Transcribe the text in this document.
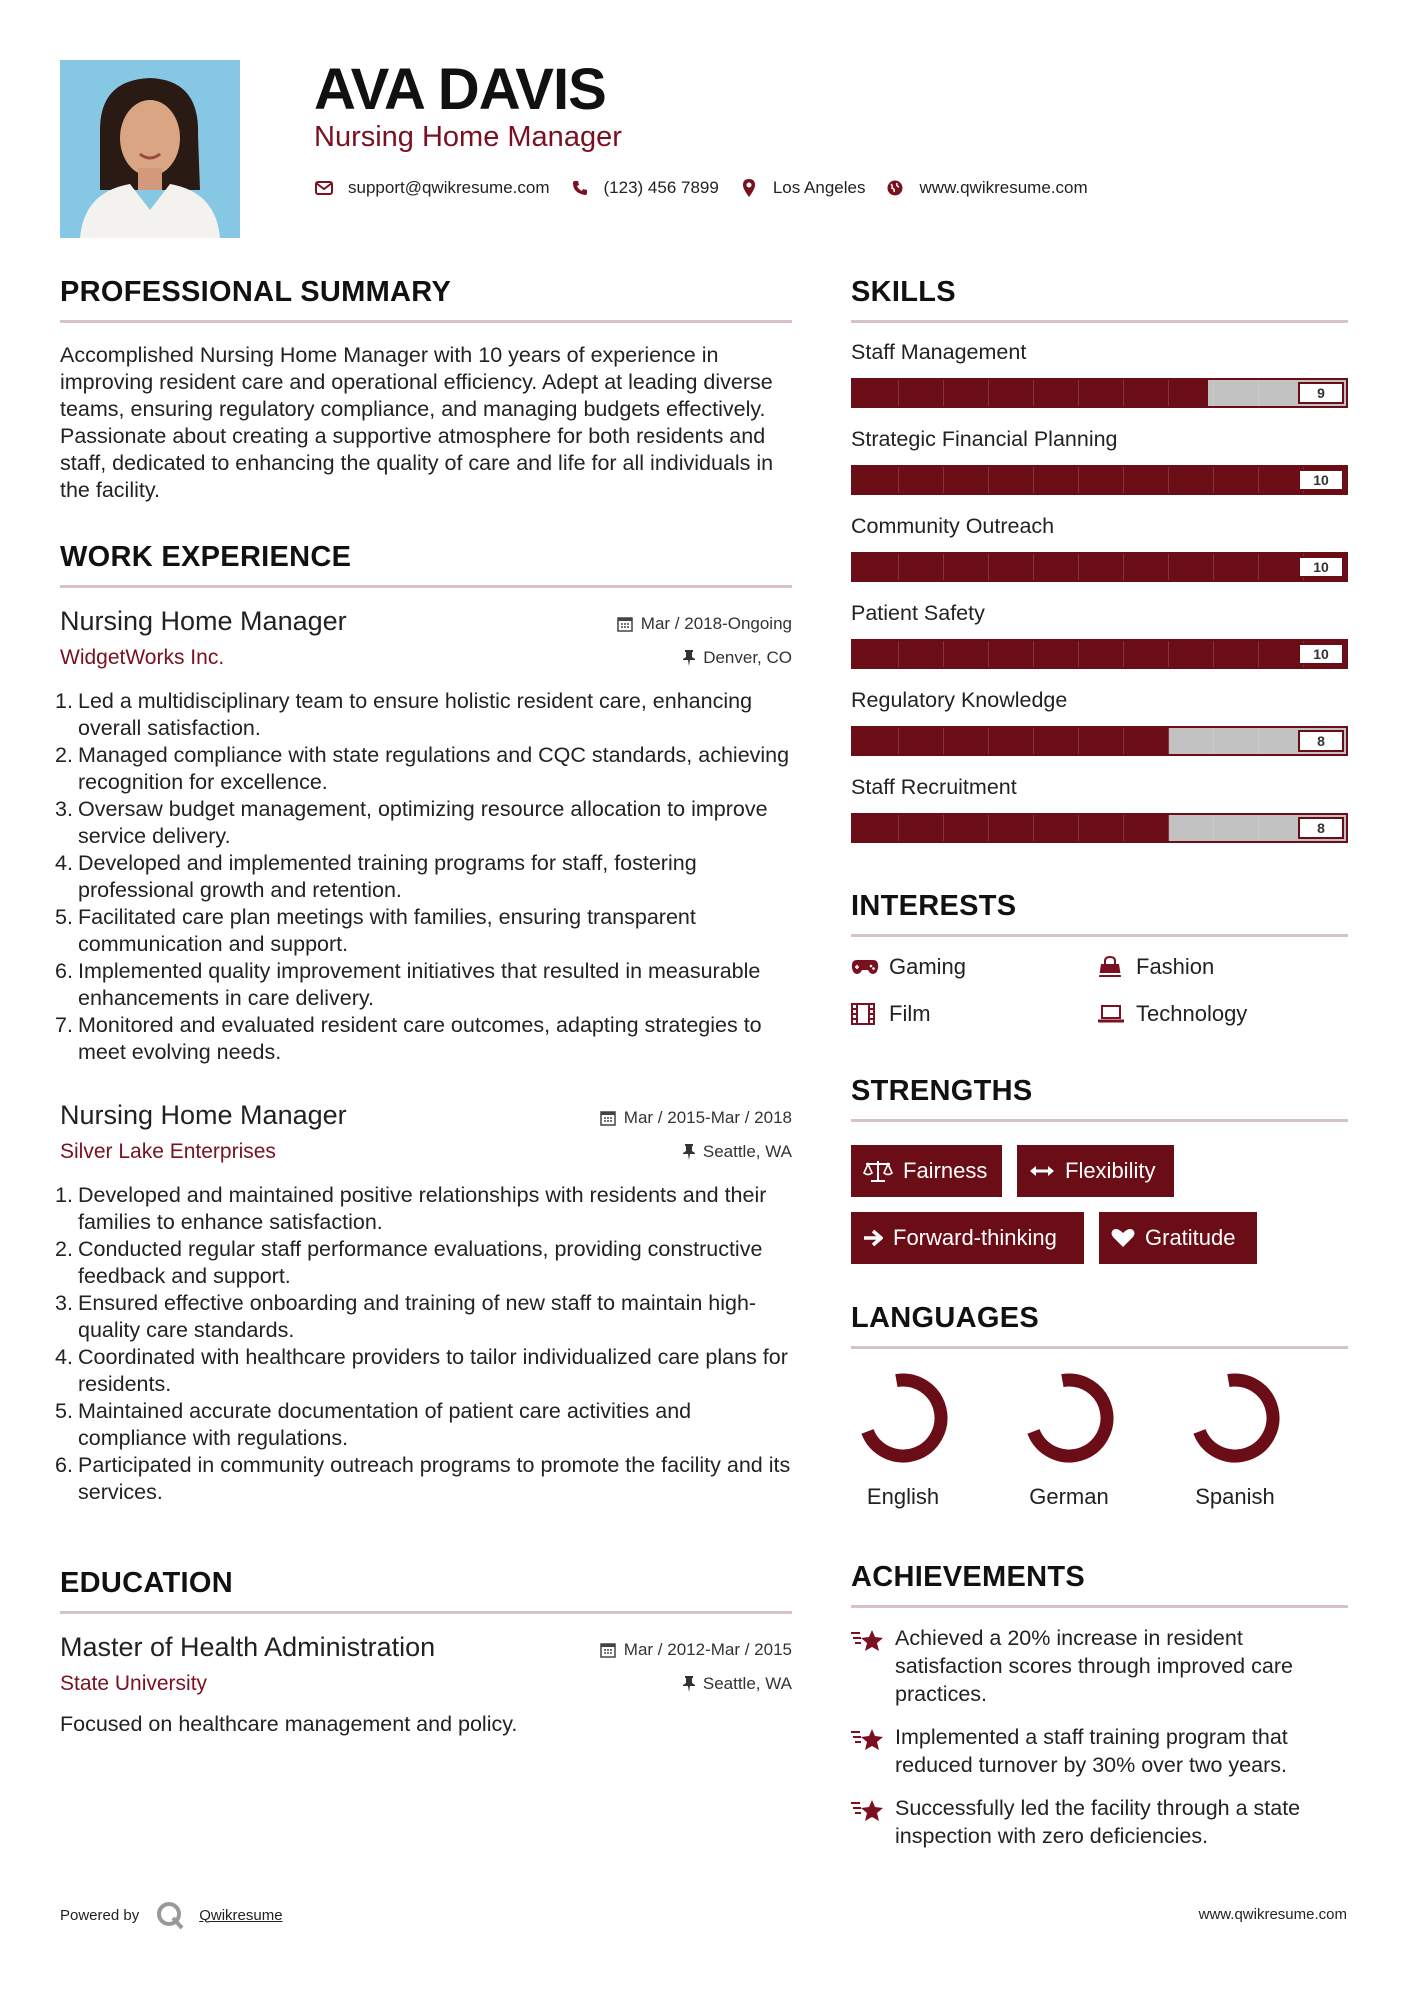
AVA DAVIS
Nursing Home Manager
support@qwikresume.com	(123) 456 7899	Los Angeles	www.qwikresume.com
PROFESSIONAL SUMMARY
Accomplished Nursing Home Manager with 10 years of experience in improving resident care and operational efficiency. Adept at leading diverse teams, ensuring regulatory compliance, and managing budgets effectively. Passionate about creating a supportive atmosphere for both residents and staff, dedicated to enhancing the quality of care and life for all individuals in the facility.
WORK EXPERIENCE
Nursing Home Manager
WidgetWorks Inc.
Mar / 2018-Ongoing
Denver, CO
1. Led a multidisciplinary team to ensure holistic resident care, enhancing overall satisfaction.
2. Managed compliance with state regulations and CQC standards, achieving recognition for excellence.
3. Oversaw budget management, optimizing resource allocation to improve service delivery.
4. Developed and implemented training programs for staff, fostering professional growth and retention.
5. Facilitated care plan meetings with families, ensuring transparent communication and support.
6. Implemented quality improvement initiatives that resulted in measurable enhancements in care delivery.
7. Monitored and evaluated resident care outcomes, adapting strategies to meet evolving needs.
Nursing Home Manager
Silver Lake Enterprises
Mar / 2015-Mar / 2018
Seattle, WA
1. Developed and maintained positive relationships with residents and their families to enhance satisfaction.
2. Conducted regular staff performance evaluations, providing constructive feedback and support.
3. Ensured effective onboarding and training of new staff to maintain high-quality care standards.
4. Coordinated with healthcare providers to tailor individualized care plans for residents.
5. Maintained accurate documentation of patient care activities and compliance with regulations.
6. Participated in community outreach programs to promote the facility and its services.
EDUCATION
Master of Health Administration
State University
Mar / 2012-Mar / 2015
Seattle, WA
Focused on healthcare management and policy.
SKILLS
Staff Management
9
Strategic Financial Planning
10
Community Outreach
10
Patient Safety
10
Regulatory Knowledge
8
Staff Recruitment
8
INTERESTS
Gaming	Fashion
Film	Technology
STRENGTHS
Fairness	Flexibility
Forward-thinking	Gratitude
LANGUAGES
English	German	Spanish
ACHIEVEMENTS
Achieved a 20% increase in resident satisfaction scores through improved care practices.
Implemented a staff training program that reduced turnover by 30% over two years.
Successfully led the facility through a state inspection with zero deficiencies.
Powered by	Qwikresume	www.qwikresume.com
